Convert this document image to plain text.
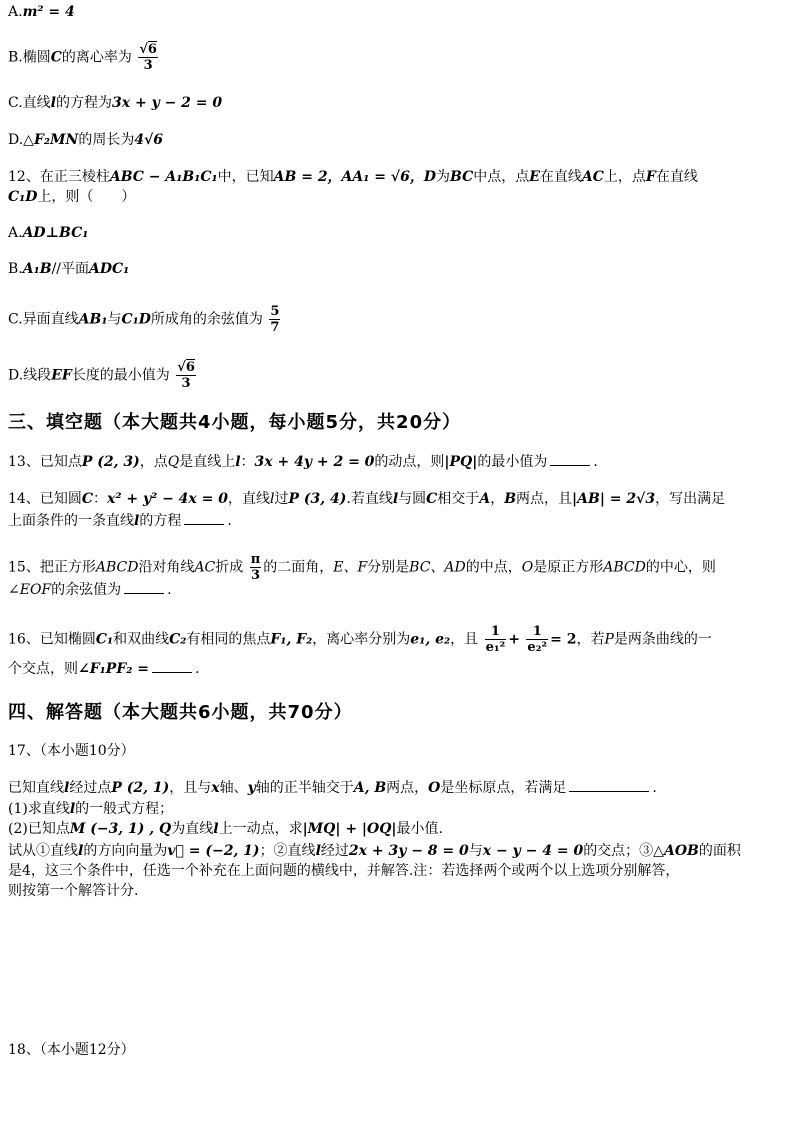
A.m² = 4
B.椭圆C的离心率为 $\frac{√6}{3}$
C.直线l的方程为3x + y − 2 = 0
D.△F₂MN的周长为4√6
12、在正三棱柱ABC − A₁B₁C₁中，已知AB = 2，AA₁ = √6，D为BC中点，点E在直线AC上，点F在直线
C₁D上，则（　　）
A.AD⊥BC₁
B.A₁B//平面ADC₁
C.异面直线AB₁与C₁D所成角的余弦值为 $\frac{5}{7}$
D.线段EF长度的最小值为 $\frac{√6}{3}$
三、填空题（本大题共4小题，每小题5分，共20分）
13、已知点P (2, 3)，点Q是直线上l：3x + 4y + 2 = 0的动点，则|PQ|的最小值为	.
14、已知圆C：x² + y² − 4x = 0，直线l过P (3, 4).若直线l与圆C相交于A，B两点，且|AB| = 2√3，写出满足
上面条件的一条直线l的方程	.
15、把正方形ABCD沿对角线AC折成 $\frac{\pi}{3}$ 的二面角，E、F分别是BC、AD的中点，O是原正方形ABCD的中心，则
∠EOF的余弦值为	.
16、已知椭圆C₁和双曲线C₂有相同的焦点F₁, F₂，离心率分别为e₁, e₂，且 $\frac{1}{\text{e₁²}} + \frac{1}{\text{e₂²}} = 2$，若P是两条曲线的一
个交点，则∠F₁PF₂ =	.
四、解答题（本大题共6小题，共70分）
17、（本小题10分）
已知直线l经过点P (2, 1)，且与x轴、y轴的正半轴交于A, B两点，O是坐标原点，若满足	.
(1)求直线l的一般式方程；
(2)已知点M (−3, 1) , Q为直线l上一动点，求|MQ| + |OQ|最小值.
试从①直线l的方向向量为v⃗ = (−2, 1)；②直线l经过2x + 3y − 8 = 0与x − y − 4 = 0的交点；③△AOB的面积
是4，这三个条件中，任选一个补充在上面问题的横线中，并解答.注：若选择两个或两个以上选项分别解答，
则按第一个解答计分.
18、（本小题12分）
